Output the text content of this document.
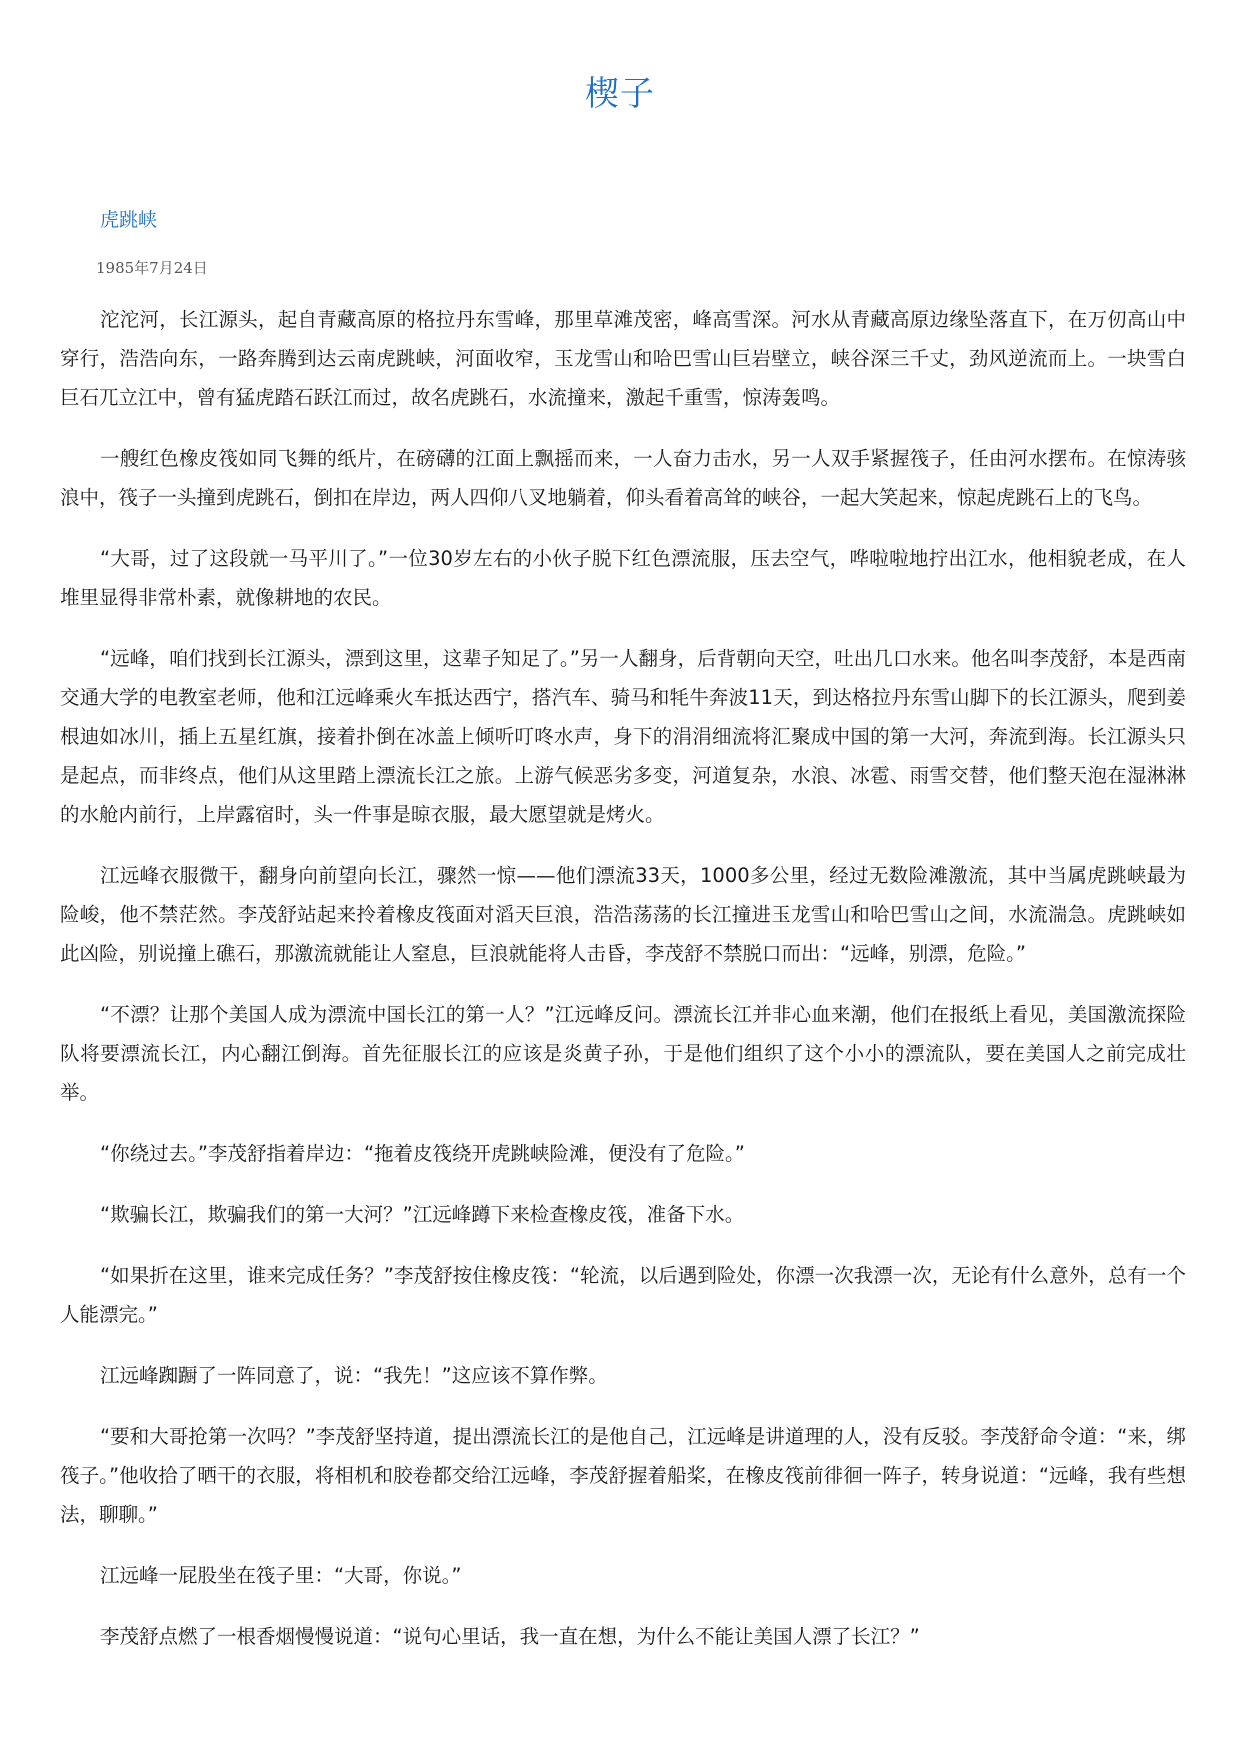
楔子
虎跳峡
1985年7月24日

沱沱河，长江源头，起自青藏高原的格拉丹东雪峰，那里草滩茂密，峰高雪深。河水从青藏高原边缘坠落直下，在万仞高山中穿行，浩浩向东，一路奔腾到达云南虎跳峡，河面收窄，玉龙雪山和哈巴雪山巨岩壁立，峡谷深三千丈，劲风逆流而上。一块雪白巨石兀立江中，曾有猛虎踏石跃江而过，故名虎跳石，水流撞来，激起千重雪，惊涛轰鸣。

一艘红色橡皮筏如同飞舞的纸片，在磅礴的江面上飘摇而来，一人奋力击水，另一人双手紧握筏子，任由河水摆布。在惊涛骇浪中，筏子一头撞到虎跳石，倒扣在岸边，两人四仰八叉地躺着，仰头看着高耸的峡谷，一起大笑起来，惊起虎跳石上的飞鸟。

“大哥，过了这段就一马平川了。”一位30岁左右的小伙子脱下红色漂流服，压去空气，哗啦啦地拧出江水，他相貌老成，在人堆里显得非常朴素，就像耕地的农民。

“远峰，咱们找到长江源头，漂到这里，这辈子知足了。”另一人翻身，后背朝向天空，吐出几口水来。他名叫李茂舒，本是西南交通大学的电教室老师，他和江远峰乘火车抵达西宁，搭汽车、骑马和牦牛奔波11天，到达格拉丹东雪山脚下的长江源头，爬到姜根迪如冰川，插上五星红旗，接着扑倒在冰盖上倾听叮咚水声，身下的涓涓细流将汇聚成中国的第一大河，奔流到海。长江源头只是起点，而非终点，他们从这里踏上漂流长江之旅。上游气候恶劣多变，河道复杂，水浪、冰雹、雨雪交替，他们整天泡在湿淋淋的水舱内前行，上岸露宿时，头一件事是晾衣服，最大愿望就是烤火。

江远峰衣服微干，翻身向前望向长江，骤然一惊——他们漂流33天，1000多公里，经过无数险滩激流，其中当属虎跳峡最为险峻，他不禁茫然。李茂舒站起来拎着橡皮筏面对滔天巨浪，浩浩荡荡的长江撞进玉龙雪山和哈巴雪山之间，水流湍急。虎跳峡如此凶险，别说撞上礁石，那激流就能让人窒息，巨浪就能将人击昏，李茂舒不禁脱口而出：“远峰，别漂，危险。”

“不漂？让那个美国人成为漂流中国长江的第一人？”江远峰反问。漂流长江并非心血来潮，他们在报纸上看见，美国激流探险队将要漂流长江，内心翻江倒海。首先征服长江的应该是炎黄子孙，于是他们组织了这个小小的漂流队，要在美国人之前完成壮举。

“你绕过去。”李茂舒指着岸边：“拖着皮筏绕开虎跳峡险滩，便没有了危险。”

“欺骗长江，欺骗我们的第一大河？”江远峰蹲下来检查橡皮筏，准备下水。

“如果折在这里，谁来完成任务？”李茂舒按住橡皮筏：“轮流，以后遇到险处，你漂一次我漂一次，无论有什么意外，总有一个人能漂完。”

江远峰踟蹰了一阵同意了，说：“我先！”这应该不算作弊。

“要和大哥抢第一次吗？”李茂舒坚持道，提出漂流长江的是他自己，江远峰是讲道理的人，没有反驳。李茂舒命令道：“来，绑筏子。”他收拾了晒干的衣服，将相机和胶卷都交给江远峰，李茂舒握着船桨，在橡皮筏前徘徊一阵子，转身说道：“远峰，我有些想法，聊聊。”

江远峰一屁股坐在筏子里：“大哥，你说。”

李茂舒点燃了一根香烟慢慢说道：“说句心里话，我一直在想，为什么不能让美国人漂了长江？”
